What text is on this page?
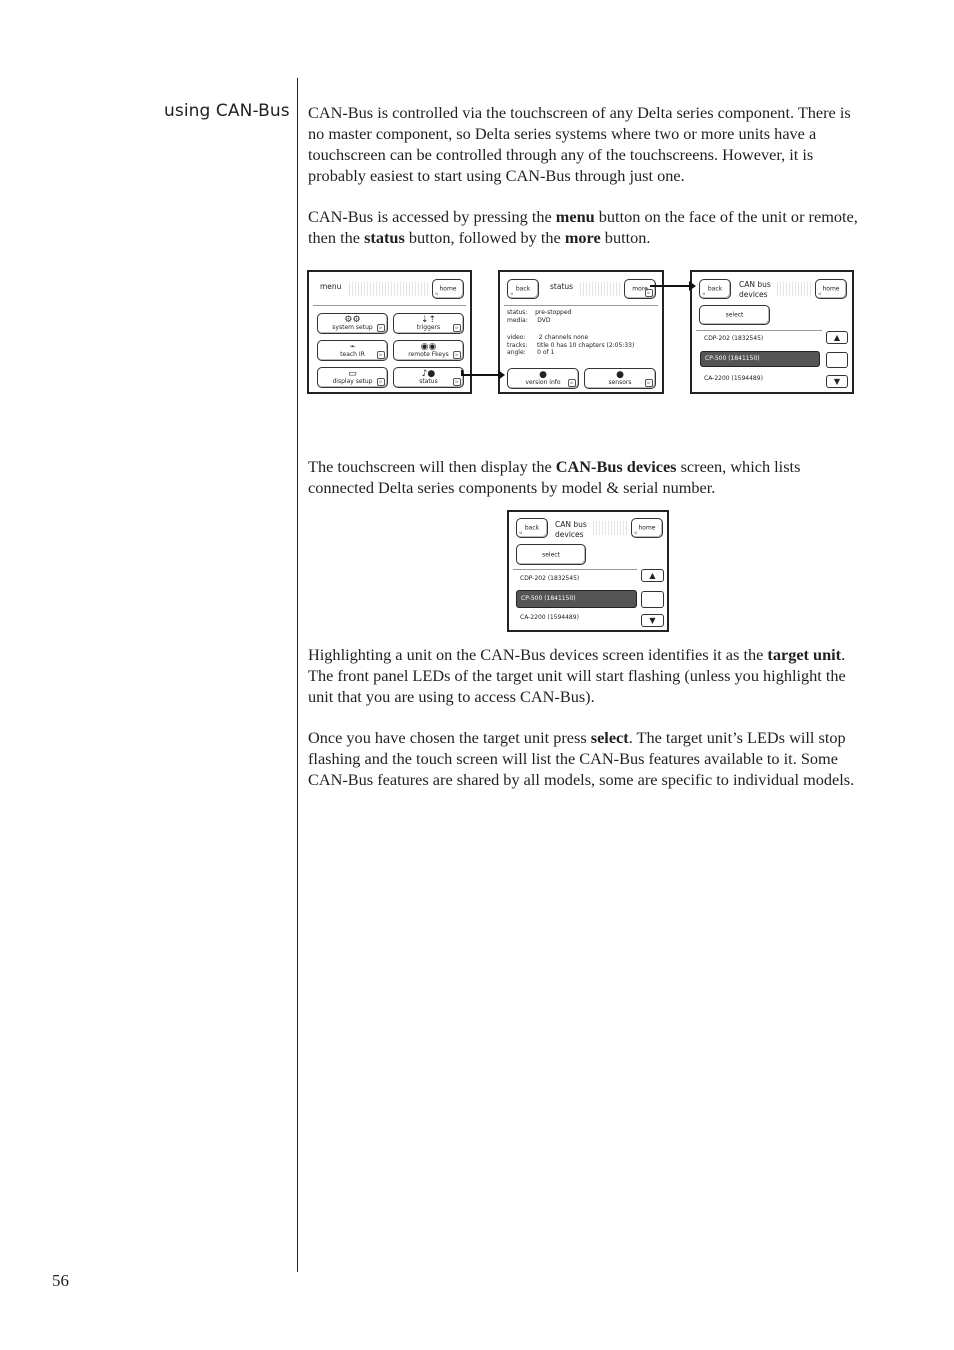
using CAN-Bus CAN-Bus is controlled via the touchscreen of any Delta series component. There is no master component, so Delta series systems where two or more units have a touchscreen can be controlled through any of the touchscreens. However, it is probably easiest to start using CAN-Bus through just one.

CAN-Bus is accessed by pressing the menu button on the face of the unit or remote, then the status button, followed by the more button.

menu	home
◃
⚙⚙
system setup	▹
⇣⇡
triggers	▹
⌁
teach IR	▹
◉◉
remote Fkeys	▹
▭
display setup	▹
♪●
status	▹
back
◃
status	more
▹
status:    pre-stopped
media:     DVD
video:       2 channels none
tracks:     title 0 has 10 chapters (2:05:33)
angle:      0 of 1
●
version info	▹
●
sensors	▹
back
◃
CAN bus
devices
home
◃
select
CDP-202 (1832545)
CP-500 (1841150)
CA-2200 (1594489)
▲
▼

The touchscreen will then display the CAN-Bus devices screen, which lists connected Delta series components by model & serial number.

back
◃
CAN bus
devices
home
◃
select
CDP-202 (1832545)
CP-500 (1841150)
CA-2200 (1594489)
▲
▼

Highlighting a unit on the CAN-Bus devices screen identifies it as the target unit. The front panel LEDs of the target unit will start flashing (unless you highlight the unit that you are using to access CAN-Bus).

Once you have chosen the target unit press select. The target unit’s LEDs will stop flashing and the touch screen will list the CAN-Bus features available to it. Some CAN-Bus features are shared by all models, some are specific to individual models.

56
